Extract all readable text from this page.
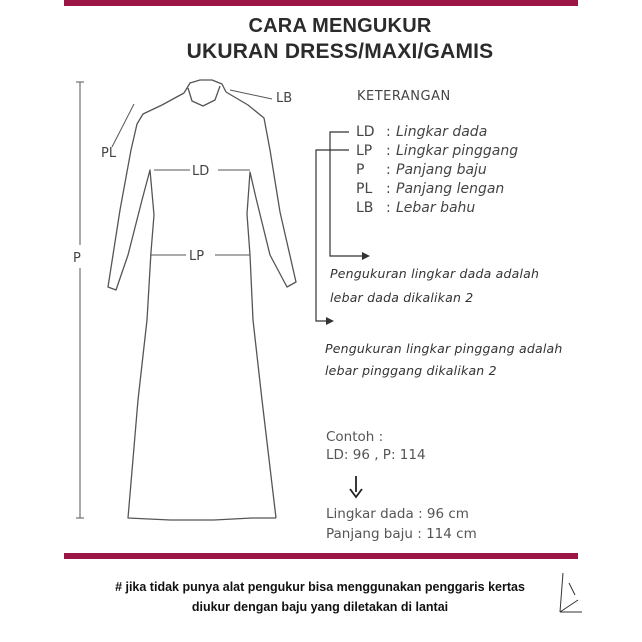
CARA MENGUKUR
UKURAN DRESS/MAXI/GAMIS
LB
PL
LD
LP
P
KETERANGAN
LD : Lingkar dada
LP : Lingkar pinggang
P : Panjang baju
PL : Panjang lengan
LB : Lebar bahu
Pengukuran lingkar dada adalah
lebar dada dikalikan 2
Pengukuran lingkar pinggang adalah
lebar pinggang dikalikan 2
Contoh :
LD: 96 , P: 114
Lingkar dada : 96 cm
Panjang baju : 114 cm
# jika tidak punya alat pengukur bisa menggunakan penggaris kertas
diukur dengan baju yang diletakan di lantai
